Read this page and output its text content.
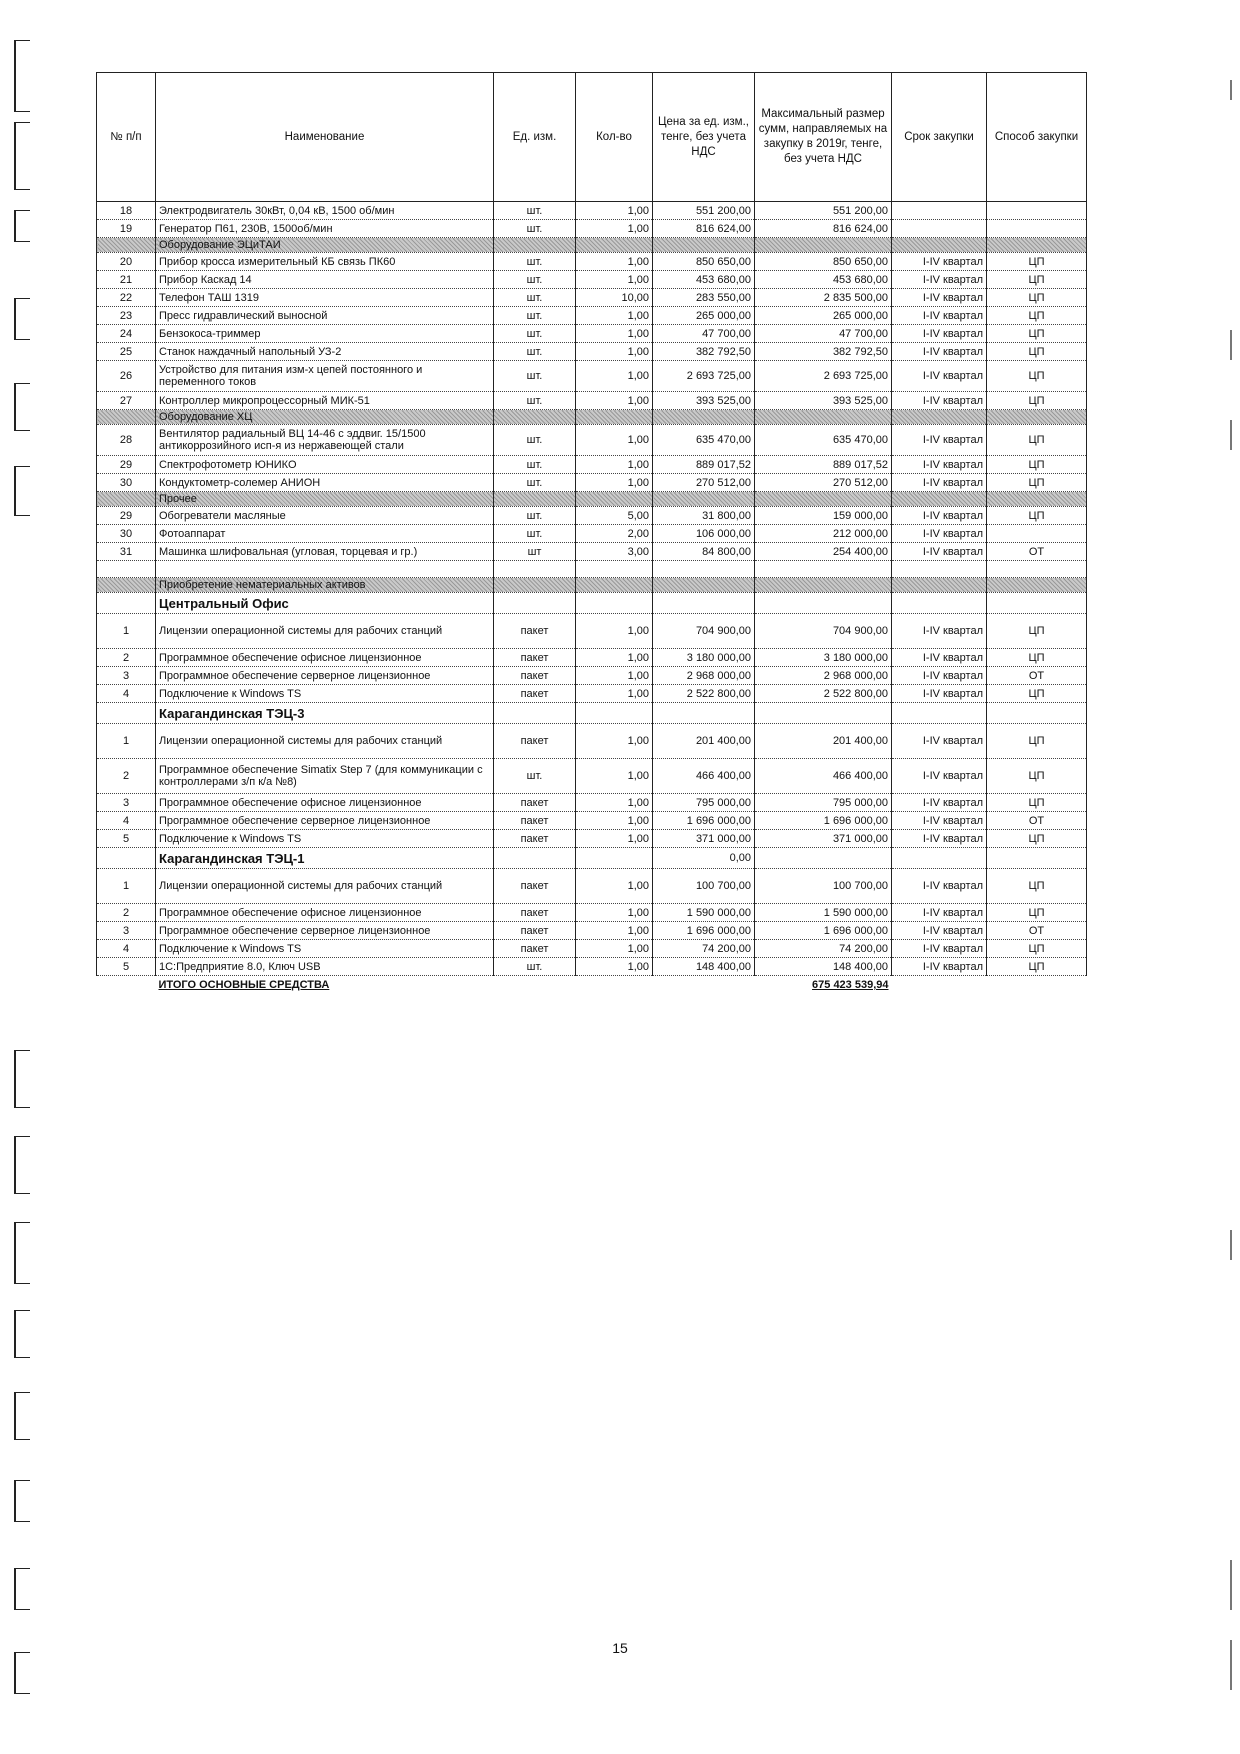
№ п/п	Наименование	Ед. изм.	Кол-во	Цена за ед. изм., тенге, без учета НДС	Максимальный размер сумм, направляемых на закупку в 2019г, тенге, без учета НДС	Срок закупки	Способ закупки
18	Электродвигатель 30кВт, 0,04 кВ, 1500 об/мин	шт.	1,00	551 200,00	551 200,00		
19	Генератор П61, 230В, 1500об/мин	шт.	1,00	816 624,00	816 624,00		
	Оборудование ЭЦиТАИ						
20	Прибор кросса измерительный КБ связь ПК60	шт.	1,00	850 650,00	850 650,00	I-IV квартал	ЦП
21	Прибор Каскад 14	шт.	1,00	453 680,00	453 680,00	I-IV квартал	ЦП
22	Телефон ТАШ 1319	шт.	10,00	283 550,00	2 835 500,00	I-IV квартал	ЦП
23	Пресс гидравлический выносной	шт.	1,00	265 000,00	265 000,00	I-IV квартал	ЦП
24	Бензокоса-триммер	шт.	1,00	47 700,00	47 700,00	I-IV квартал	ЦП
25	Станок наждачный напольный УЗ-2	шт.	1,00	382 792,50	382 792,50	I-IV квартал	ЦП
26	Устройство для питания изм-х цепей постоянного и переменного токов	шт.	1,00	2 693 725,00	2 693 725,00	I-IV квартал	ЦП
27	Контроллер микропроцессорный МИК-51	шт.	1,00	393 525,00	393 525,00	I-IV квартал	ЦП
	Оборудование ХЦ						
28	Вентилятор радиальный ВЦ 14-46 с эддвиг. 15/1500 антикоррозийного исп-я из нержавеющей стали	шт.	1,00	635 470,00	635 470,00	I-IV квартал	ЦП
29	Спектрофотометр ЮНИКО	шт.	1,00	889 017,52	889 017,52	I-IV квартал	ЦП
30	Кондуктометр-солемер АНИОН	шт.	1,00	270 512,00	270 512,00	I-IV квартал	ЦП
	Прочее						
29	Обогреватели масляные	шт.	5,00	31 800,00	159 000,00	I-IV квартал	ЦП
30	Фотоаппарат	шт.	2,00	106 000,00	212 000,00	I-IV квартал	
31	Машинка шлифовальная (угловая, торцевая и гр.)	шт	3,00	84 800,00	254 400,00	I-IV квартал	ОТ

	Приобретение нематериальных активов						
	Центральный Офис						
1	Лицензии операционной системы для рабочих станций	пакет	1,00	704 900,00	704 900,00	I-IV квартал	ЦП
2	Программное обеспечение офисное лицензионное	пакет	1,00	3 180 000,00	3 180 000,00	I-IV квартал	ЦП
3	Программное обеспечение серверное лицензионное	пакет	1,00	2 968 000,00	2 968 000,00	I-IV квартал	ОТ
4	Подключение к Windows TS	пакет	1,00	2 522 800,00	2 522 800,00	I-IV квартал	ЦП
	Карагандинская ТЭЦ-3						
1	Лицензии операционной системы для рабочих станций	пакет	1,00	201 400,00	201 400,00	I-IV квартал	ЦП
2	Программное обеспечение Simatix Step 7 (для коммуникации с контроллерами з/п к/а №8)	шт.	1,00	466 400,00	466 400,00	I-IV квартал	ЦП
3	Программное обеспечение офисное лицензионное	пакет	1,00	795 000,00	795 000,00	I-IV квартал	ЦП
4	Программное обеспечение серверное лицензионное	пакет	1,00	1 696 000,00	1 696 000,00	I-IV квартал	ОТ
5	Подключение к Windows TS	пакет	1,00	371 000,00	371 000,00	I-IV квартал	ЦП
	Карагандинская ТЭЦ-1			0,00			
1	Лицензии операционной системы для рабочих станций	пакет	1,00	100 700,00	100 700,00	I-IV квартал	ЦП
2	Программное обеспечение офисное лицензионное	пакет	1,00	1 590 000,00	1 590 000,00	I-IV квартал	ЦП
3	Программное обеспечение серверное лицензионное	пакет	1,00	1 696 000,00	1 696 000,00	I-IV квартал	ОТ
4	Подключение к Windows TS	пакет	1,00	74 200,00	74 200,00	I-IV квартал	ЦП
5	1С:Предприятие 8.0, Ключ USB	шт.	1,00	148 400,00	148 400,00	I-IV квартал	ЦП
	ИТОГО ОСНОВНЫЕ СРЕДСТВА				675 423 539,94		
15
